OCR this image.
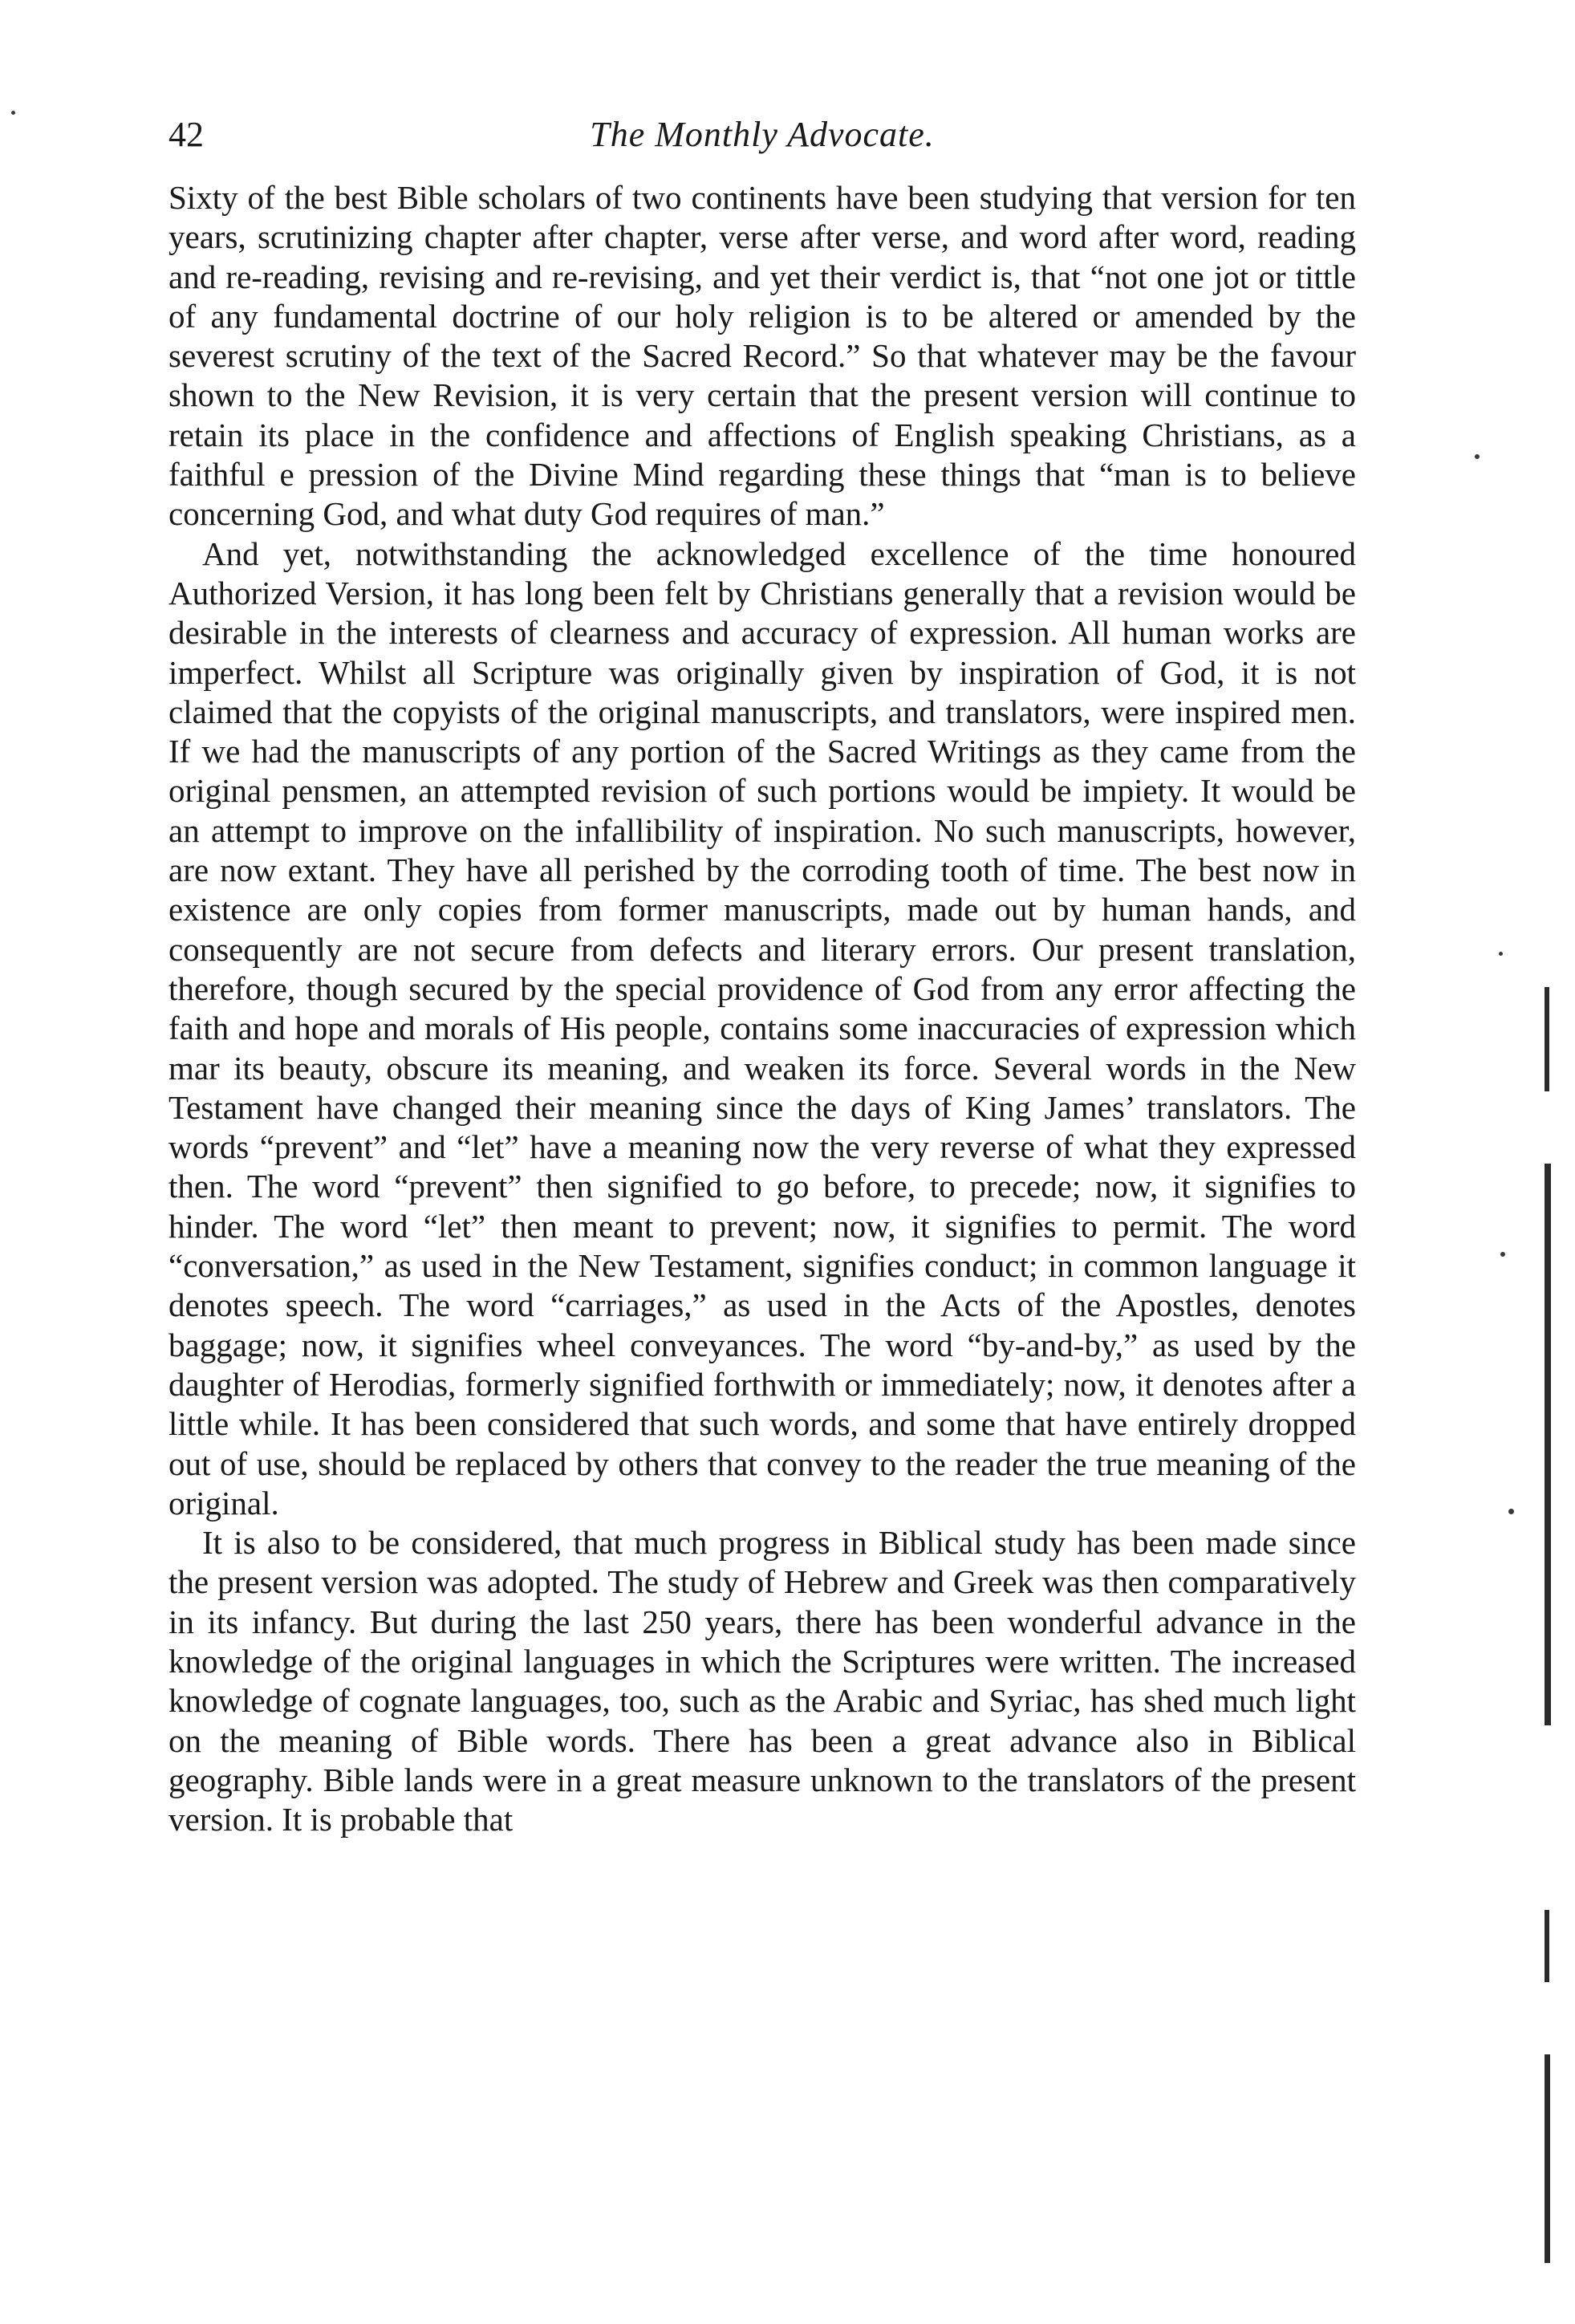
42	The Monthly Advocate.

Sixty of the best Bible scholars of two continents have been studying that version for ten years, scrutinizing chapter after chapter, verse after verse, and word after word, reading and re-reading, revising and re-revising, and yet their verdict is, that “not one jot or tittle of any fundamental doctrine of our holy religion is to be altered or amended by the severest scrutiny of the text of the Sacred Record.” So that whatever may be the favour shown to the New Revision, it is very certain that the present version will continue to retain its place in the confidence and affections of English speaking Christians, as a faithful e pression of the Divine Mind regarding these things that “man is to believe concerning God, and what duty God requires of man.”

And yet, notwithstanding the acknowledged excellence of the time honoured Authorized Version, it has long been felt by Christians generally that a revision would be desirable in the interests of clearness and accuracy of expression. All human works are imperfect. Whilst all Scripture was originally given by inspiration of God, it is not claimed that the copyists of the original manuscripts, and translators, were inspired men. If we had the manuscripts of any portion of the Sacred Writings as they came from the original pensmen, an attempted revision of such portions would be impiety. It would be an attempt to improve on the infallibility of inspiration. No such manuscripts, however, are now extant. They have all perished by the corroding tooth of time. The best now in existence are only copies from former manuscripts, made out by human hands, and consequently are not secure from defects and literary errors. Our present translation, therefore, though secured by the special providence of God from any error affecting the faith and hope and morals of His people, contains some inaccuracies of expression which mar its beauty, obscure its meaning, and weaken its force. Several words in the New Testament have changed their meaning since the days of King James’ translators. The words “prevent” and “let” have a meaning now the very reverse of what they expressed then. The word “prevent” then signified to go before, to precede; now, it signifies to hinder. The word “let” then meant to prevent; now, it signifies to permit. The word “conversation,” as used in the New Testament, signifies conduct; in common language it denotes speech. The word “carriages,” as used in the Acts of the Apostles, denotes baggage; now, it signifies wheel conveyances. The word “by-and-by,” as used by the daughter of Herodias, formerly signified forthwith or immediately; now, it denotes after a little while. It has been considered that such words, and some that have entirely dropped out of use, should be replaced by others that convey to the reader the true meaning of the original.

It is also to be considered, that much progress in Biblical study has been made since the present version was adopted. The study of Hebrew and Greek was then comparatively in its infancy. But during the last 250 years, there has been wonderful advance in the knowledge of the original languages in which the Scriptures were written. The increased knowledge of cognate languages, too, such as the Arabic and Syriac, has shed much light on the meaning of Bible words. There has been a great advance also in Biblical geography. Bible lands were in a great measure unknown to the translators of the present version. It is probable that
